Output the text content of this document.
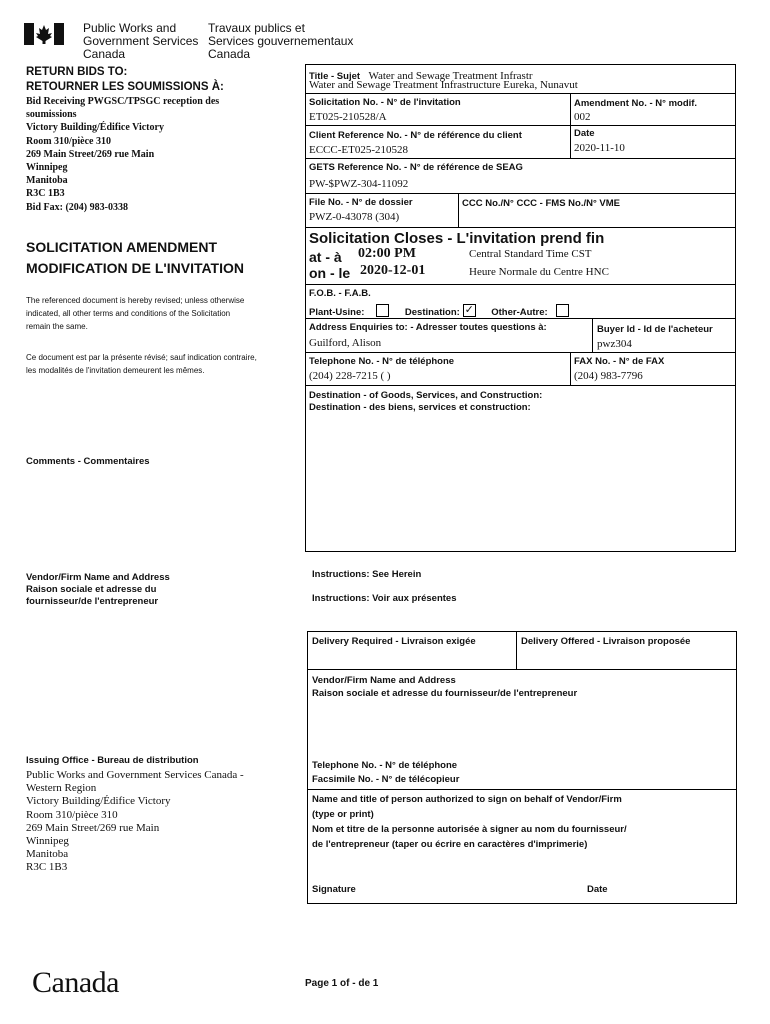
Public Works and
Government Services
Canada
Travaux publics et
Services gouvernementaux
Canada
RETURN BIDS TO:
RETOURNER LES SOUMISSIONS À:
Bid Receiving PWGSC/TPSGC reception des
soumissions
Victory Building/Édifice Victory
Room 310/pièce 310
269 Main Street/269 rue Main
Winnipeg
Manitoba
R3C 1B3
Bid Fax: (204) 983-0338
SOLICITATION AMENDMENT
MODIFICATION DE L'INVITATION
The referenced document is hereby revised; unless otherwise
indicated, all other terms and conditions of the Solicitation
remain the same.
Ce document est par la présente révisé; sauf indication contraire,
les modalités de l'invitation demeurent les mêmes.
Comments - Commentaires
Vendor/Firm Name and Address
Raison sociale et adresse du
fournisseur/de l'entrepreneur
Issuing Office - Bureau de distribution
Public Works and Government Services Canada -
Western Region
Victory Building/Édifice Victory
Room 310/pièce 310
269 Main Street/269 rue Main
Winnipeg
Manitoba
R3C 1B3
Title - Sujet Water and Sewage Treatment Infrastr
Water and Sewage Treatment Infrastructure Eureka, Nunavut
Solicitation No. - N° de l'invitation
ET025-210528/A
Amendment No. - N° modif.
002
Client Reference No. - N° de référence du client
ECCC-ET025-210528
Date
2020-11-10
GETS Reference No. - N° de référence de SEAG
PW-$PWZ-304-11092
File No. - N° de dossier
PWZ-0-43078 (304)
CCC No./N° CCC - FMS No./N° VME
Solicitation Closes - L'invitation prend fin
at - à 02:00 PM	Central Standard Time CST
on - le 2020-12-01	Heure Normale du Centre HNC
F.O.B. - F.A.B.
Plant-Usine:	Destination: ✓ Other-Autre:
Address Enquiries to: - Adresser toutes questions à:
Guilford, Alison
Buyer Id - Id de l'acheteur
pwz304
Telephone No. - N° de téléphone
(204) 228-7215 ( )
FAX No. - N° de FAX
(204) 983-7796
Destination - of Goods, Services, and Construction:
Destination - des biens, services et construction:
Instructions: See Herein
Instructions: Voir aux présentes
Delivery Required - Livraison exigée	Delivery Offered - Livraison proposée
Vendor/Firm Name and Address
Raison sociale et adresse du fournisseur/de l'entrepreneur
Telephone No. - N° de téléphone
Facsimile No. - N° de télécopieur
Name and title of person authorized to sign on behalf of Vendor/Firm
(type or print)
Nom et titre de la personne autorisée à signer au nom du fournisseur/
de l'entrepreneur (taper ou écrire en caractères d'imprimerie)
Signature	Date
Canada	Page 1 of - de 1
